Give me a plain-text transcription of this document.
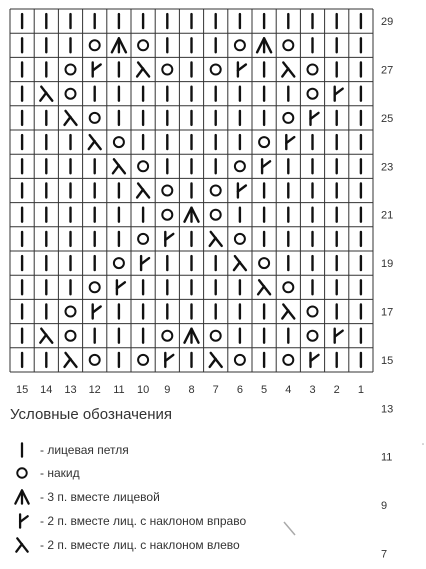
15 14 13 12 11 10 9 8 7 6 5 4 3 2 1
29
27
25
23
21
19
17
15
13
11
9
7
Условные обозначения
- лицевая петля
- накид
- 3 п. вместе лицевой
- 2 п. вместе лиц. с наклоном вправо
- 2 п. вместе лиц. с наклоном влево
